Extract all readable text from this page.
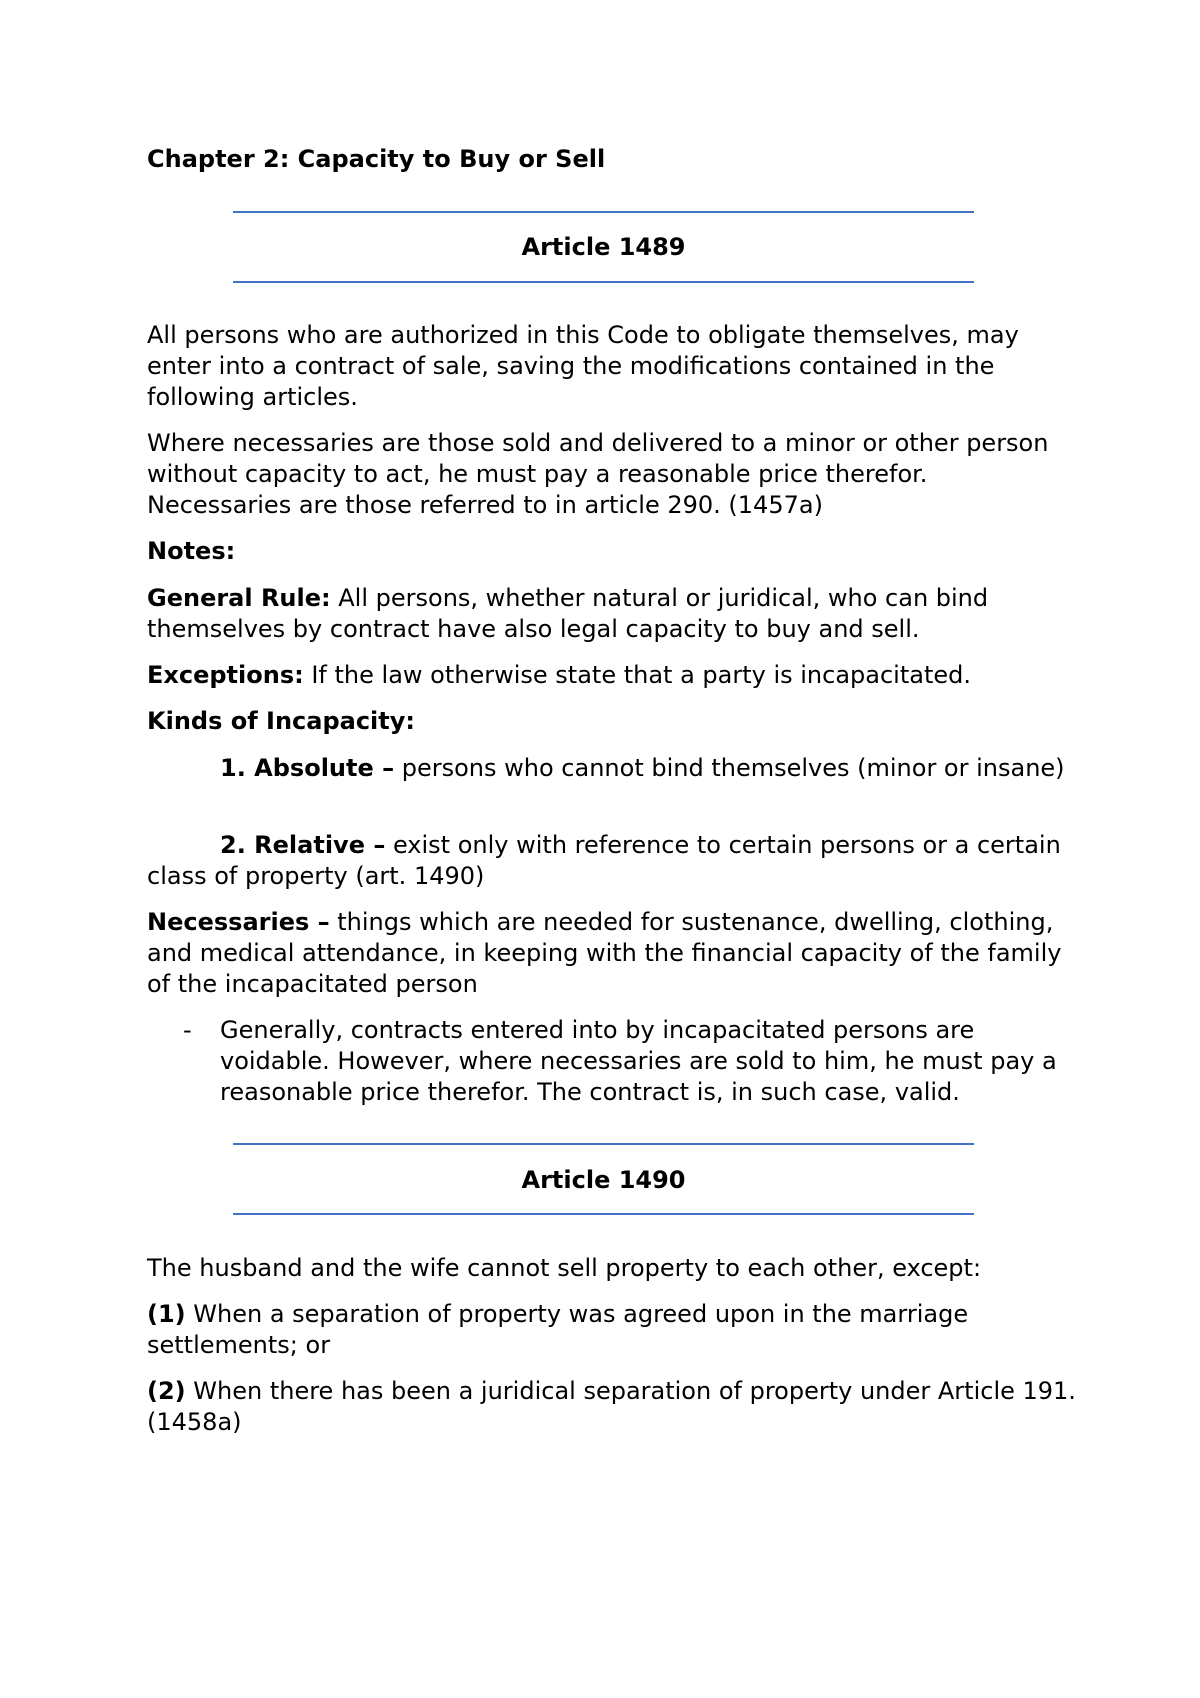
Chapter 2: Capacity to Buy or Sell
Article 1489

All persons who are authorized in this Code to obligate themselves, may enter into a contract of sale, saving the modifications contained in the following articles.

Where necessaries are those sold and delivered to a minor or other person without capacity to act, he must pay a reasonable price therefor. Necessaries are those referred to in article 290. (1457a)

Notes:

General Rule: All persons, whether natural or juridical, who can bind themselves by contract have also legal capacity to buy and sell.

Exceptions: If the law otherwise state that a party is incapacitated.

Kinds of Incapacity:

1. Absolute – persons who cannot bind themselves (minor or insane)

2. Relative – exist only with reference to certain persons or a certain class of property (art. 1490)

Necessaries – things which are needed for sustenance, dwelling, clothing, and medical attendance, in keeping with the financial capacity of the family of the incapacitated person

- Generally, contracts entered into by incapacitated persons are voidable. However, where necessaries are sold to him, he must pay a reasonable price therefor. The contract is, in such case, valid.
Article 1490

The husband and the wife cannot sell property to each other, except:

(1) When a separation of property was agreed upon in the marriage settlements; or

(2) When there has been a juridical separation of property under Article 191. (1458a)
